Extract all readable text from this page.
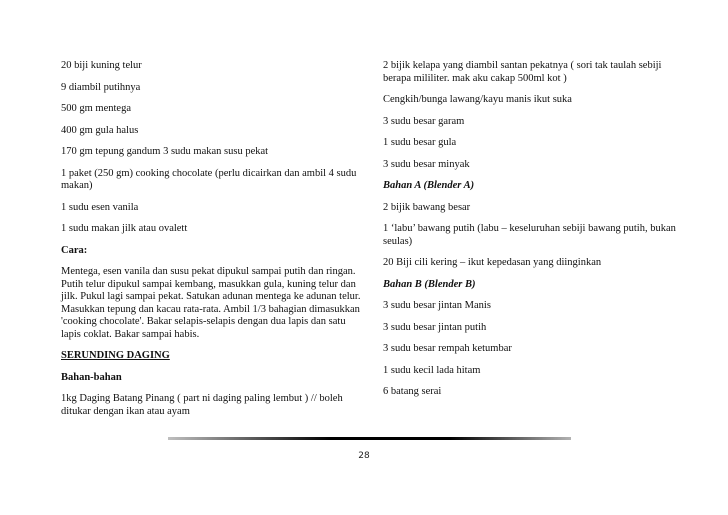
20 biji kuning telur

9 diambil putihnya

500 gm mentega

400 gm gula halus

170 gm tepung gandum 3 sudu makan susu pekat

1 paket (250 gm) cooking chocolate (perlu dicairkan dan ambil 4 sudu makan)

1 sudu esen vanila

1 sudu makan jilk atau ovalett

Cara:

Mentega, esen vanila dan susu pekat dipukul sampai putih dan ringan. Putih telur dipukul sampai kembang, masukkan gula, kuning telur dan jilk. Pukul lagi sampai pekat. Satukan adunan mentega ke adunan telur. Masukkan tepung dan kacau rata-rata. Ambil 1/3 bahagian dimasukkan 'cooking chocolate'. Bakar selapis-selapis dengan dua lapis dan satu lapis coklat. Bakar sampai habis.

SERUNDING DAGING

Bahan-bahan

1kg Daging Batang Pinang ( part ni daging paling lembut ) // boleh ditukar dengan ikan atau ayam

2 bijik kelapa yang diambil santan pekatnya ( sori tak taulah sebiji berapa mililiter. mak aku cakap 500ml kot )

Cengkih/bunga lawang/kayu manis ikut suka

3 sudu besar garam

1 sudu besar gula

3 sudu besar minyak

Bahan A (Blender A)

2 bijik bawang besar

1 ‘labu’ bawang putih (labu – keseluruhan sebiji bawang putih, bukan seulas)

20 Biji cili kering – ikut kepedasan yang diinginkan

Bahan B (Blender B)

3 sudu besar jintan Manis

3 sudu besar jintan putih

3 sudu besar rempah ketumbar

1 sudu kecil lada hitam

6 batang serai

28
